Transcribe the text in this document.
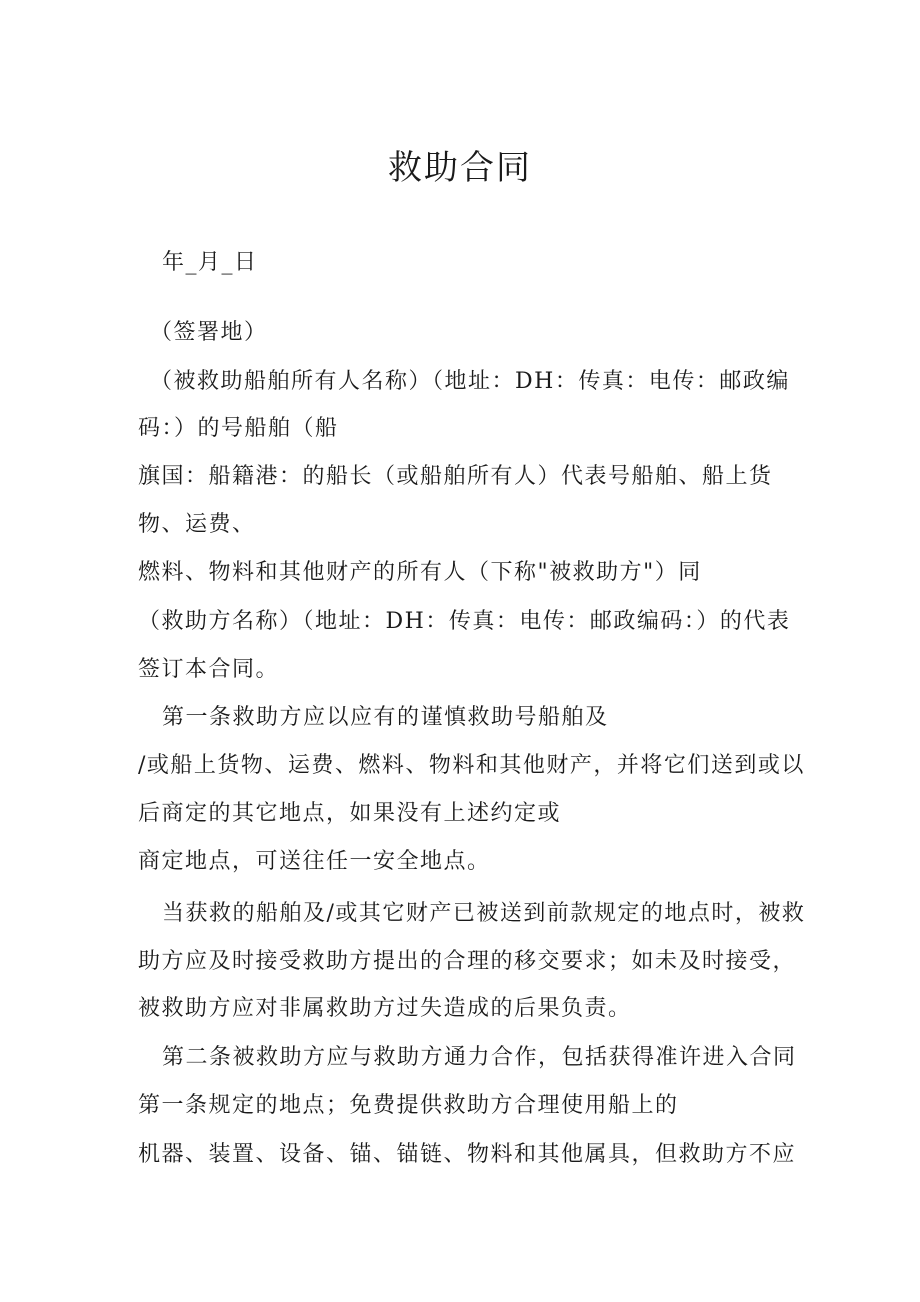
救助合同
年_月_日
（签署地）
（被救助船舶所有人名称）（地址：DH：传真：电传：邮政编
码：）的号船舶（船
旗国：船籍港：的船长（或船舶所有人）代表号船舶、船上货
物、运费、
燃料、物料和其他财产的所有人（下称"被救助方"）同
（救助方名称）（地址：DH：传真：电传：邮政编码：）的代表
签订本合同。
第一条救助方应以应有的谨慎救助号船舶及
/或船上货物、运费、燃料、物料和其他财产，并将它们送到或以
后商定的其它地点，如果没有上述约定或
商定地点，可送往任一安全地点。
当获救的船舶及/或其它财产已被送到前款规定的地点时，被救
助方应及时接受救助方提出的合理的移交要求；如未及时接受，
被救助方应对非属救助方过失造成的后果负责。
第二条被救助方应与救助方通力合作，包括获得准许进入合同
第一条规定的地点；免费提供救助方合理使用船上的
机器、装置、设备、锚、锚链、物料和其他属具，但救助方不应
